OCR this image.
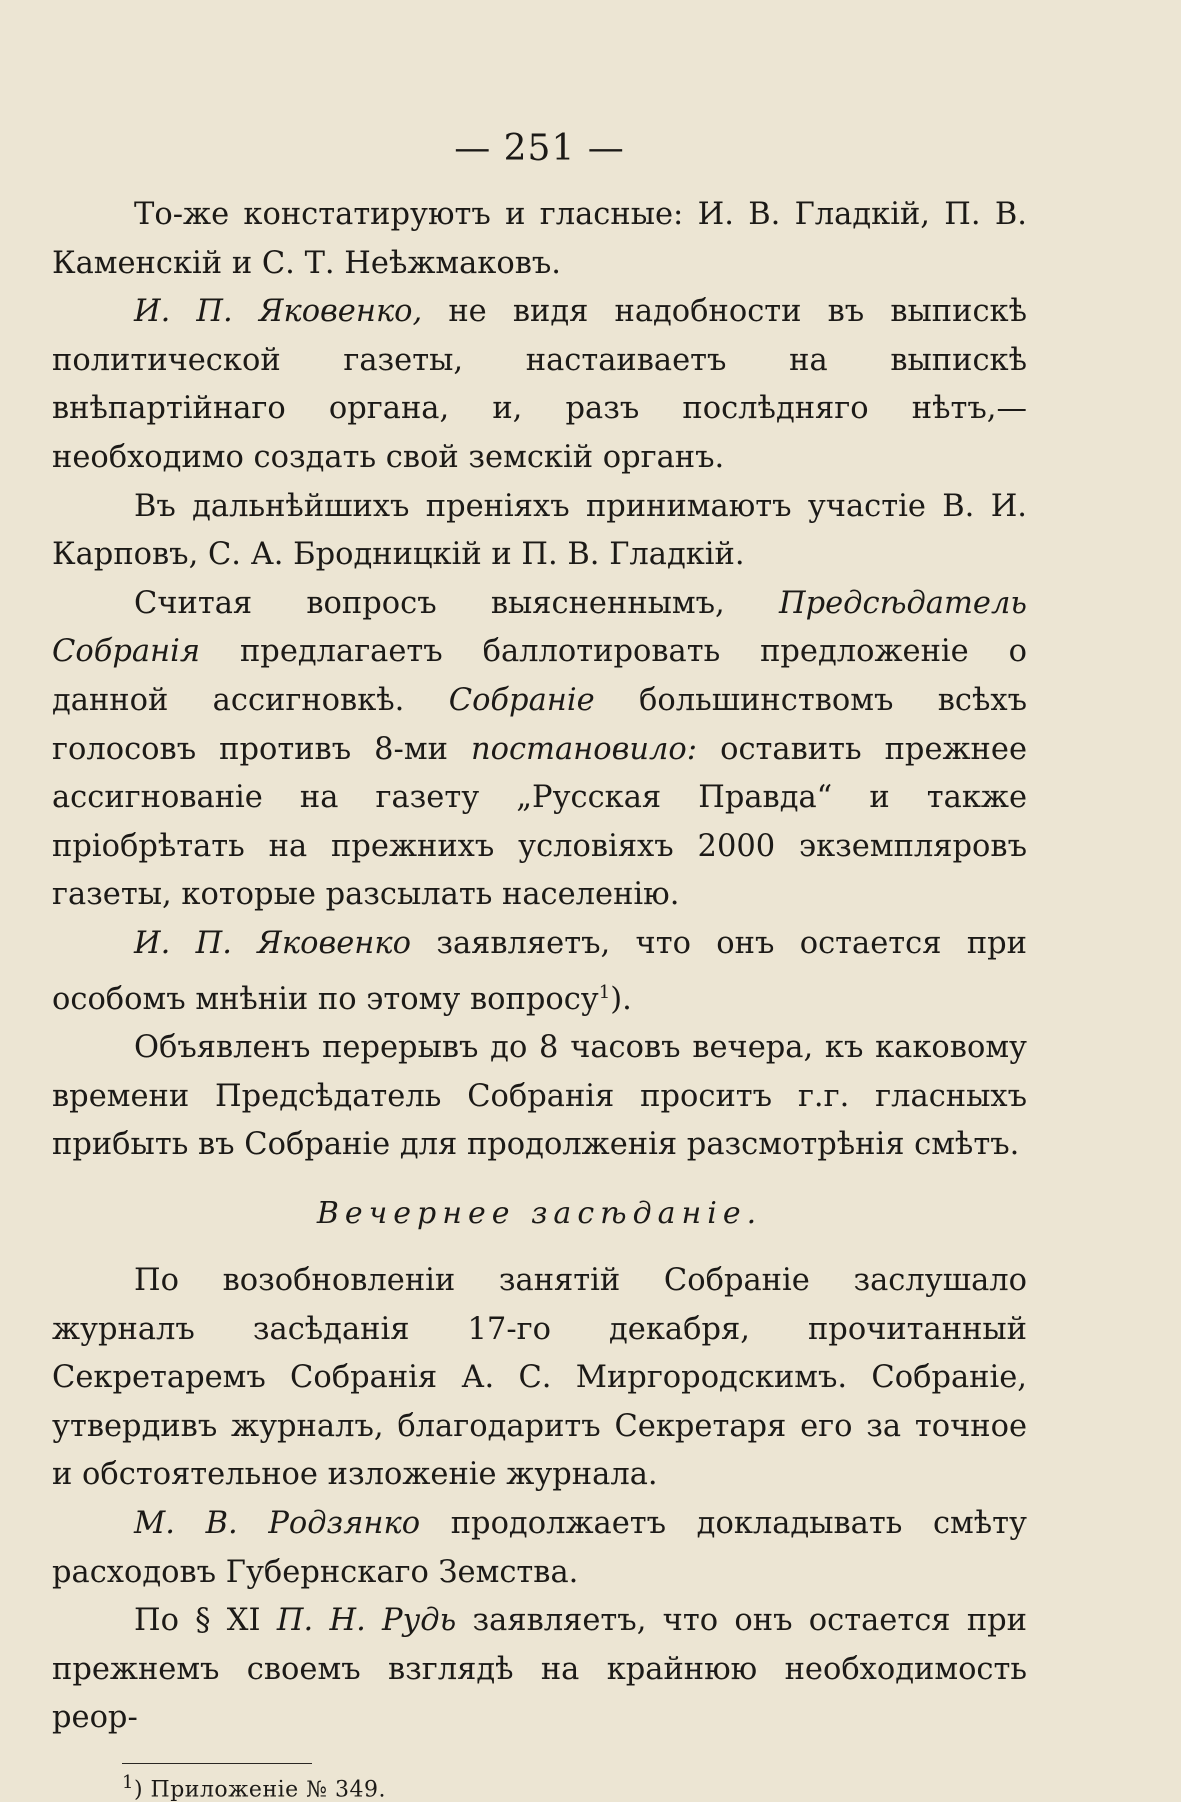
— 251 —

То-же констатируютъ и гласные: И. В. Гладкій, П. В. Каменскій и С. Т. Неѣжмаковъ.

И. П. Яковенко, не видя надобности въ выпискѣ политической газеты, настаиваетъ на выпискѣ внѣпартійнаго органа, и, разъ послѣдняго нѣтъ,—необходимо создать свой земскій органъ.

Въ дальнѣйшихъ преніяхъ принимаютъ участіе В. И. Карповъ, С. А. Бродницкій и П. В. Гладкій.

Считая вопросъ выясненнымъ, Предсѣдатель Собранія предлагаетъ баллотировать предложеніе о данной ассигновкѣ. Собраніе большинствомъ всѣхъ голосовъ противъ 8-ми постановило: оставить прежнее ассигнованіе на газету „Русская Правда“ и также пріобрѣтать на прежнихъ условіяхъ 2000 экземпляровъ газеты, которые разсылать населенію.

И. П. Яковенко заявляетъ, что онъ остается при особомъ мнѣніи по этому вопросу$^1$).

Объявленъ перерывъ до 8 часовъ вечера, къ каковому времени Предсѣдатель Собранія проситъ г.г. гласныхъ прибыть въ Собраніе для продолженія разсмотрѣнія смѣтъ.

Вечернее засѣданіе.

По возобновленіи занятій Собраніе заслушало журналъ засѣданія 17-го декабря, прочитанный Секретаремъ Собранія А. С. Миргородскимъ. Собраніе, утвердивъ журналъ, благодаритъ Секретаря его за точное и обстоятельное изложеніе журнала.

М. В. Родзянко продолжаетъ докладывать смѣту расходовъ Губернскаго Земства.

По § XI П. Н. Рудь заявляетъ, что онъ остается при прежнемъ своемъ взглядѣ на крайнюю необходимость реор-

$^1$) Приложеніе № 349.
